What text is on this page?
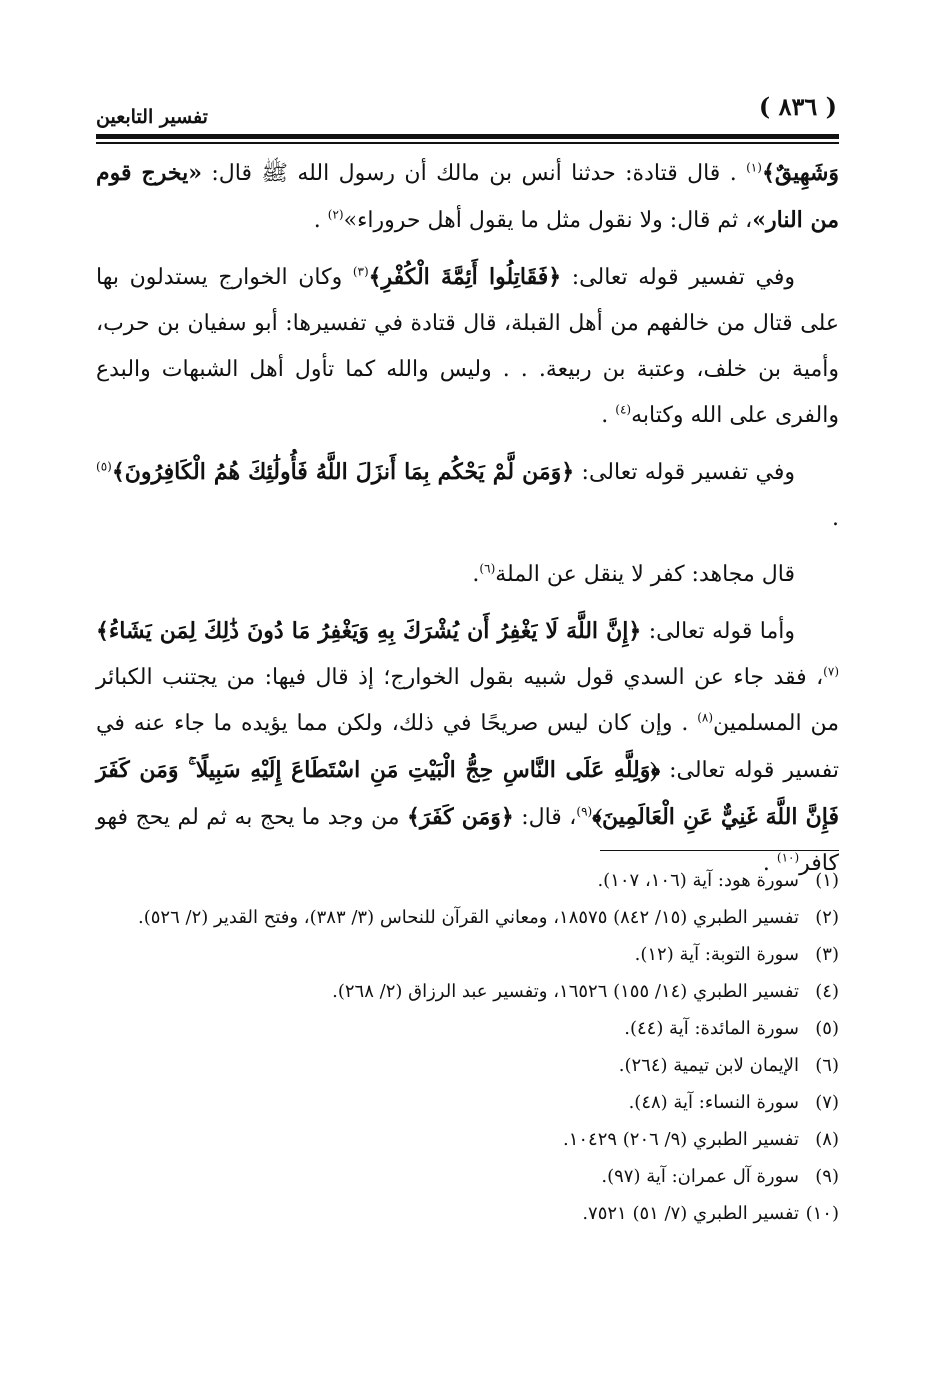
( ٨٣٦ )
تفسير التابعين

وَشَهِيقٌ﴾$^{(١)}$ . قال قتادة: حدثنا أنس بن مالك أن رسول الله ﷺ قال: «يخرج قوم من النار»، ثم قال: ولا نقول مثل ما يقول أهل حروراء»$^{(٢)}$ .

وفي تفسير قوله تعالى: ﴿فَقَاتِلُوا أَئِمَّةَ الْكُفْرِ﴾$^{(٣)}$ وكان الخوارج يستدلون بها على قتال من خالفهم من أهل القبلة، قال قتادة في تفسيرها: أبو سفيان بن حرب، وأمية بن خلف، وعتبة بن ربيعة. . . وليس والله كما تأول أهل الشبهات والبدع والفرى على الله وكتابه$^{(٤)}$ .

وفي تفسير قوله تعالى: ﴿وَمَن لَّمْ يَحْكُم بِمَا أَنزَلَ اللَّهُ فَأُولَٰئِكَ هُمُ الْكَافِرُونَ﴾$^{(٥)}$ .

قال مجاهد: كفر لا ينقل عن الملة$^{(٦)}$.

وأما قوله تعالى: ﴿إِنَّ اللَّهَ لَا يَغْفِرُ أَن يُشْرَكَ بِهِ وَيَغْفِرُ مَا دُونَ ذَٰلِكَ لِمَن يَشَاءُ﴾$^{(٧)}$، فقد جاء عن السدي قول شبيه بقول الخوارج؛ إذ قال فيها: من يجتنب الكبائر من المسلمين$^{(٨)}$ . وإن كان ليس صريحًا في ذلك، ولكن مما يؤيده ما جاء عنه في تفسير قوله تعالى: ﴿وَلِلَّهِ عَلَى النَّاسِ حِجُّ الْبَيْتِ مَنِ اسْتَطَاعَ إِلَيْهِ سَبِيلًا ۚ وَمَن كَفَرَ فَإِنَّ اللَّهَ غَنِيٌّ عَنِ الْعَالَمِينَ﴾$^{(٩)}$، قال: ﴿وَمَن كَفَرَ﴾ من وجد ما يحج به ثم لم يحج فهو كافر$^{(١٠)}$ .

(١)
سورة هود: آية (١٠٦، ١٠٧).
(٢)
تفسير الطبري (١٥/ ٨٤٢) ١٨٥٧٥، ومعاني القرآن للنحاس (٣/ ٣٨٣)، وفتح القدير (٢/ ٥٢٦).
(٣)
سورة التوبة: آية (١٢).
(٤)
تفسير الطبري (١٤/ ١٥٥) ١٦٥٢٦، وتفسير عبد الرزاق (٢/ ٢٦٨).
(٥)
سورة المائدة: آية (٤٤).
(٦)
الإيمان لابن تيمية (٢٦٤).
(٧)
سورة النساء: آية (٤٨).
(٨)
تفسير الطبري (٩/ ٢٠٦) ١٠٤٢٩.
(٩)
سورة آل عمران: آية (٩٧).
(١٠)
تفسير الطبري (٧/ ٥١) ٧٥٢١.
